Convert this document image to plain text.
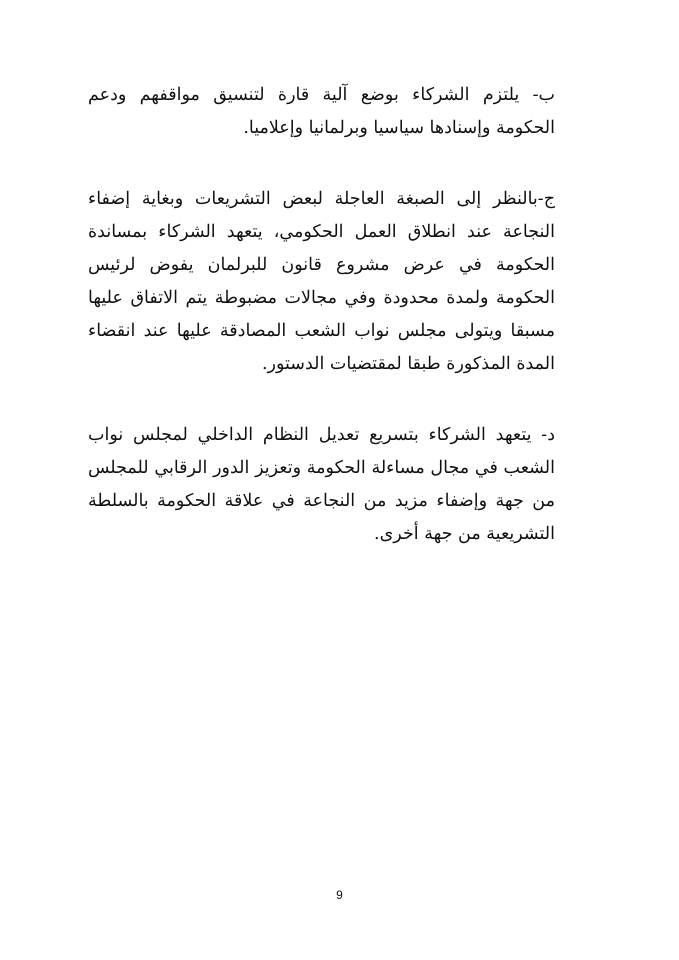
ب- يلتزم الشركاء بوضع آلية قارة لتنسيق مواقفهم ودعم الحكومة وإسنادها سياسيا وبرلمانيا وإعلاميا.

ج-بالنظر إلى الصبغة العاجلة لبعض التشريعات وبغاية إضفاء النجاعة عند انطلاق العمل الحكومي، يتعهد الشركاء بمساندة الحكومة في عرض مشروع قانون للبرلمان يفوض لرئيس الحكومة ولمدة محدودة وفي مجالات مضبوطة يتم الاتفاق عليها مسبقا ويتولى مجلس نواب الشعب المصادقة عليها عند انقضاء المدة المذكورة طبقا لمقتضيات الدستور.

د- يتعهد الشركاء بتسريع تعديل النظام الداخلي لمجلس نواب الشعب في مجال مساءلة الحكومة وتعزيز الدور الرقابي للمجلس من جهة وإضفاء مزيد من النجاعة في علاقة الحكومة بالسلطة التشريعية من جهة أخرى.

9
